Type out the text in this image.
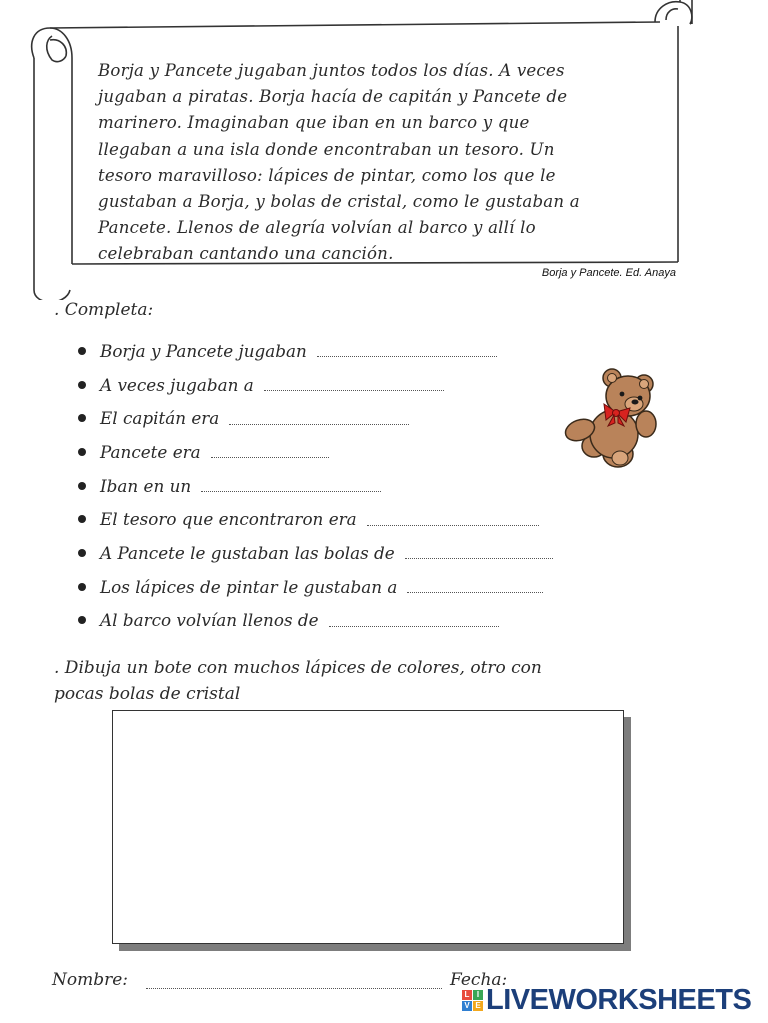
Borja y Pancete jugaban juntos todos los días. A veces
jugaban a piratas. Borja hacía de capitán y Pancete de
marinero. Imaginaban que iban en un barco y que
llegaban a una isla donde encontraban un tesoro. Un
tesoro maravilloso: lápices de pintar, como los que le
gustaban a Borja, y bolas de cristal, como le gustaban a
Pancete. Llenos de alegría volvían al barco y allí lo
celebraban cantando una canción.
Borja y Pancete. Ed. Anaya
. Completa:
Borja y Pancete jugaban
A veces jugaban a
El capitán era
Pancete era
Iban en un
El tesoro que encontraron era
A Pancete le gustaban las bolas de
Los lápices de pintar le gustaban a
Al barco volvían llenos de
. Dibuja un bote con muchos lápices de colores, otro con
pocas bolas de cristal
Nombre:	Fecha:
L I
V E LIVEWORKSHEETS
